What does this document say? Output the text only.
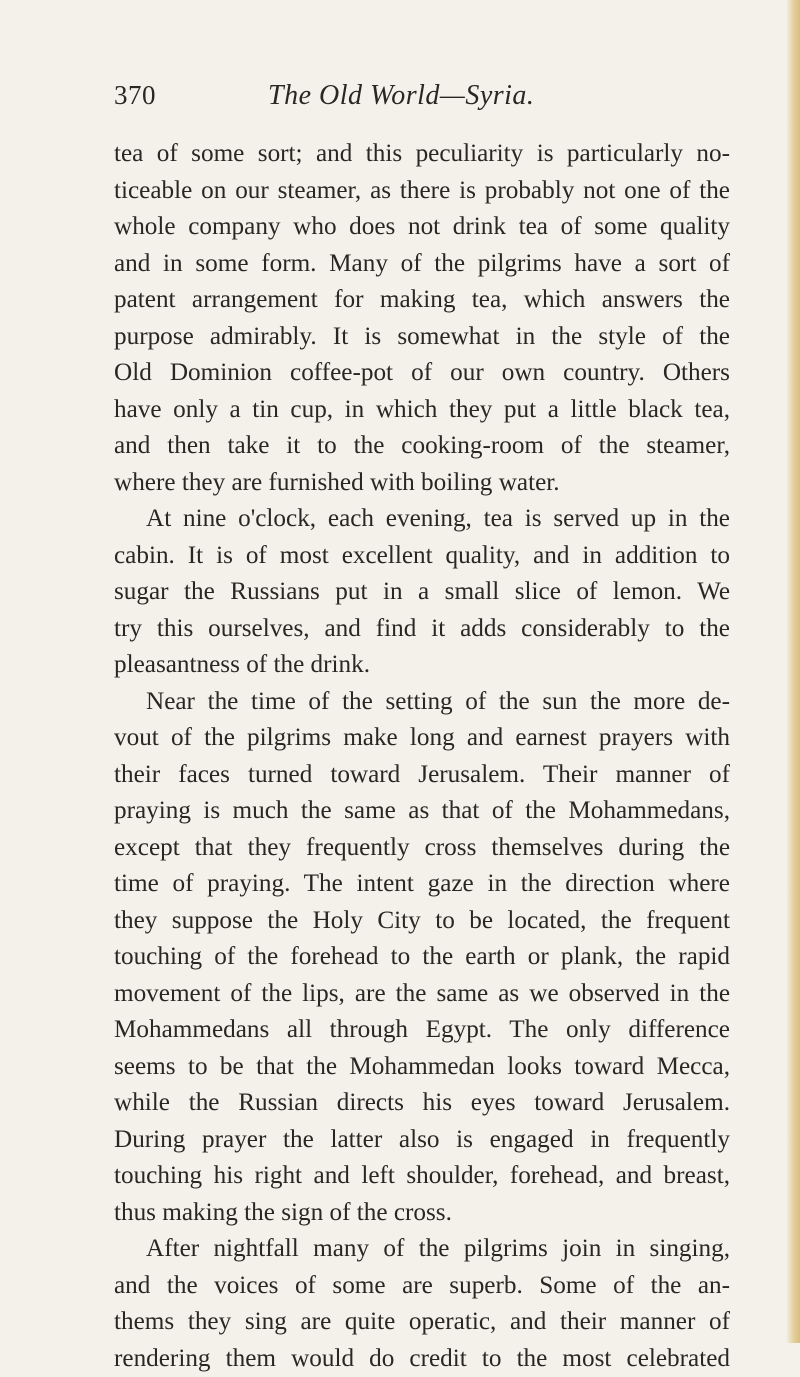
370	The Old World—Syria.
tea of some sort; and this peculiarity is particularly no-
ticeable on our steamer, as there is probably not one of the
whole company who does not drink tea of some quality
and in some form. Many of the pilgrims have a sort of
patent arrangement for making tea, which answers the
purpose admirably. It is somewhat in the style of the
Old Dominion coffee-pot of our own country. Others
have only a tin cup, in which they put a little black tea,
and then take it to the cooking-room of the steamer,
where they are furnished with boiling water.
At nine o'clock, each evening, tea is served up in the
cabin. It is of most excellent quality, and in addition to
sugar the Russians put in a small slice of lemon. We
try this ourselves, and find it adds considerably to the
pleasantness of the drink.
Near the time of the setting of the sun the more de-
vout of the pilgrims make long and earnest prayers with
their faces turned toward Jerusalem. Their manner of
praying is much the same as that of the Mohammedans,
except that they frequently cross themselves during the
time of praying. The intent gaze in the direction where
they suppose the Holy City to be located, the frequent
touching of the forehead to the earth or plank, the rapid
movement of the lips, are the same as we observed in the
Mohammedans all through Egypt. The only difference
seems to be that the Mohammedan looks toward Mecca,
while the Russian directs his eyes toward Jerusalem.
During prayer the latter also is engaged in frequently
touching his right and left shoulder, forehead, and breast,
thus making the sign of the cross.
After nightfall many of the pilgrims join in singing,
and the voices of some are superb. Some of the an-
thems they sing are quite operatic, and their manner of
rendering them would do credit to the most celebrated
